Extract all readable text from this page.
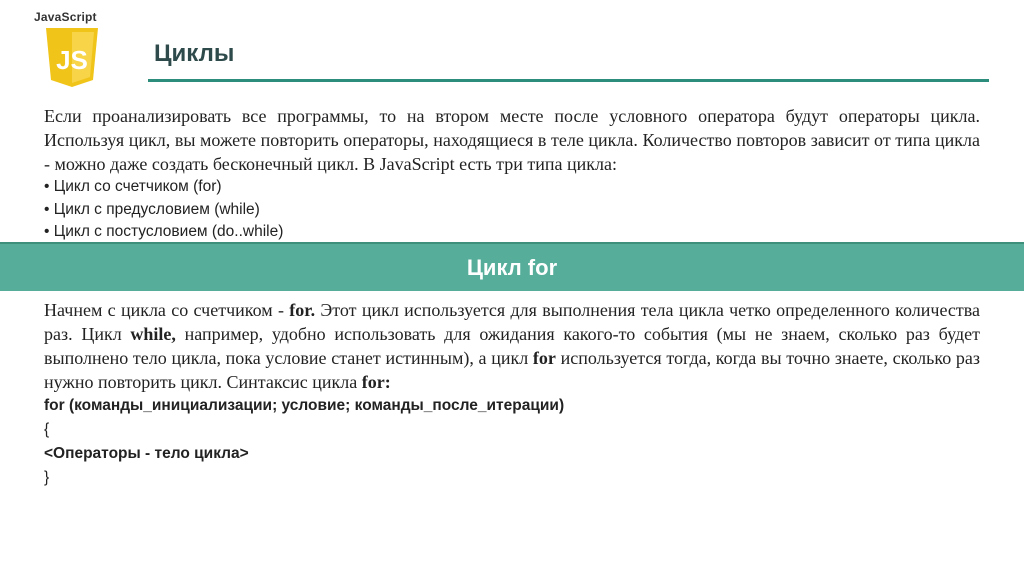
JavaScript
JS	Циклы

Если проанализировать все программы, то на втором месте после условного оператора будут операторы цикла. Используя цикл, вы можете повторить операторы, находящиеся в теле цикла. Количество повторов зависит от типа цикла - можно даже создать бесконечный цикл. В JavaScript есть три типа цикла:

• Цикл со счетчиком (for)
• Цикл с предусловием (while)
• Цикл с постусловием (do..while)
Цикл for

Начнем с цикла со счетчиком - for. Этот цикл используется для выполнения тела цикла четко определенного количества раз. Цикл while, например, удобно использовать для ожидания какого-то события (мы не знаем, сколько раз будет выполнено тело цикла, пока условие станет истинным), а цикл for используется тогда, когда вы точно знаете, сколько раз нужно повторить цикл. Синтаксис цикла for:

for (команды_инициализации; условие; команды_после_итерации)
{
<Операторы - тело цикла>
}
